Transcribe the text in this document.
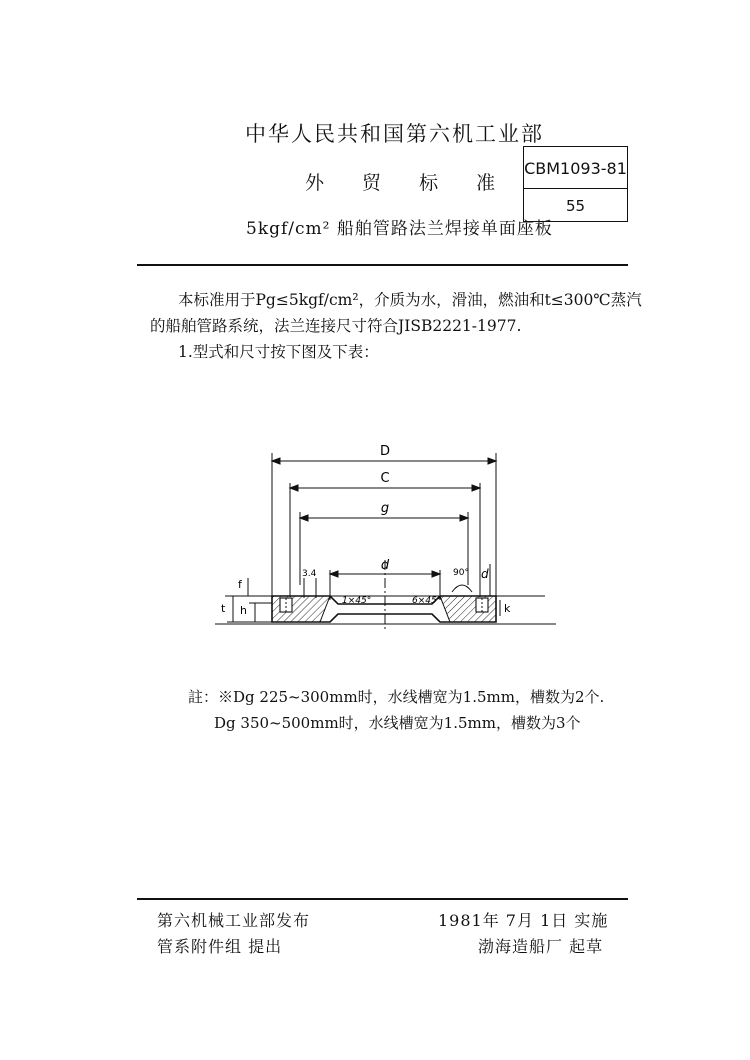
中华人民共和国第六机工业部
外 贸 标 准
5kgf/cm² 船舶管路法兰焊接单面座板
CBM1093-81
55
本标准用于Pg≤5kgf/cm²，介质为水，滑油，燃油和t≤300℃蒸汽
的船舶管路系统，法兰连接尺寸符合JISB2221-1977.
1.型式和尺寸按下图及下表：
D
C
g
d
f
t h	k
d
90°
3.4
1×45°	6×45°
註：※Dg 225~300mm时，水线槽宽为1.5mm，槽数为2个.
Dg 350~500mm时，水线槽宽为1.5mm，槽数为3个
第六机械工业部发布
管系附件组 提出
1981年 7月 1日 实施
渤海造船厂 起草
